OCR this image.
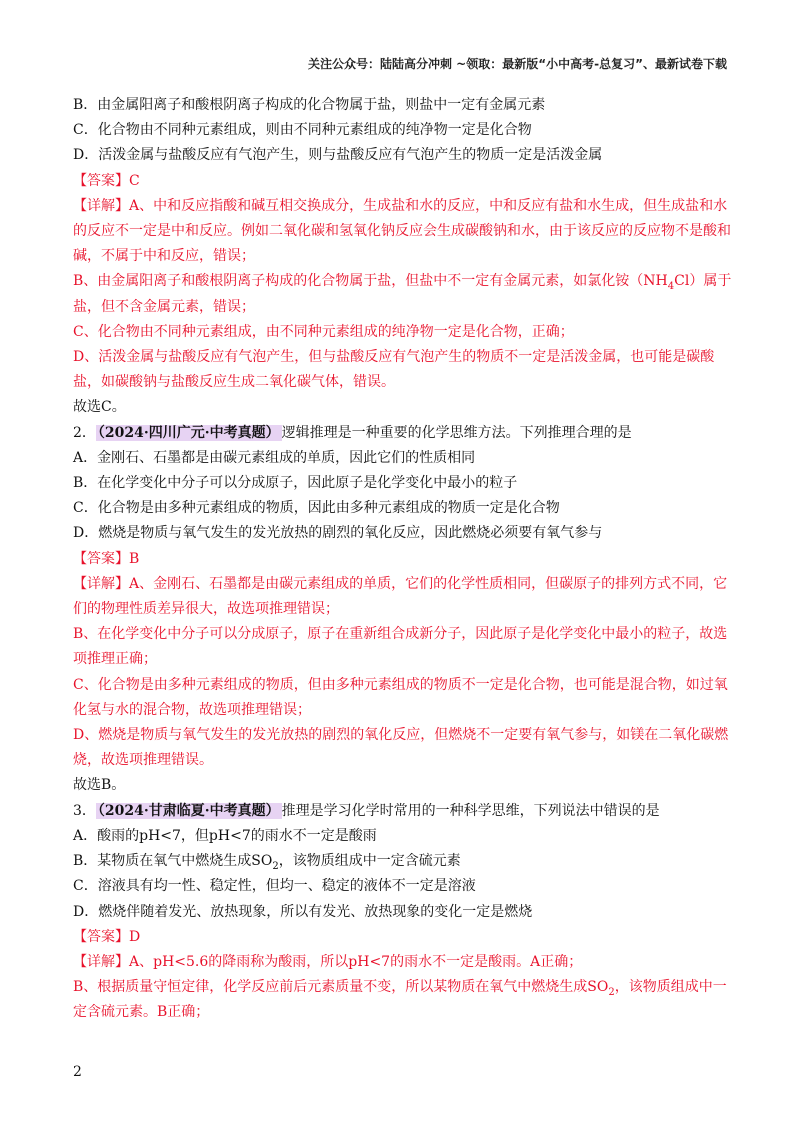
关注公众号：陆陆高分冲刺 ~领取：最新版“小中高考-总复习”、最新试卷下载

B．由金属阳离子和酸根阴离子构成的化合物属于盐，则盐中一定有金属元素

C．化合物由不同种元素组成，则由不同种元素组成的纯净物一定是化合物

D．活泼金属与盐酸反应有气泡产生，则与盐酸反应有气泡产生的物质一定是活泼金属

【答案】C

【详解】A、中和反应指酸和碱互相交换成分，生成盐和水的反应，中和反应有盐和水生成，但生成盐和水的反应不一定是中和反应。例如二氧化碳和氢氧化钠反应会生成碳酸钠和水，由于该反应的反应物不是酸和碱，不属于中和反应，错误；

B、由金属阳离子和酸根阴离子构成的化合物属于盐，但盐中不一定有金属元素，如氯化铵$(NH_4Cl)$属于盐，但不含金属元素，错误；

C、化合物由不同种元素组成，由不同种元素组成的纯净物一定是化合物，正确；

D、活泼金属与盐酸反应有气泡产生，但与盐酸反应有气泡产生的物质不一定是活泼金属，也可能是碳酸盐，如碳酸钠与盐酸反应生成二氧化碳气体，错误。

故选C。

2． （2024·四川广元·中考真题） 逻辑推理是一种重要的化学思维方法。下列推理合理的是

A．金刚石、石墨都是由碳元素组成的单质，因此它们的性质相同

B．在化学变化中分子可以分成原子，因此原子是化学变化中最小的粒子

C．化合物是由多种元素组成的物质，因此由多种元素组成的物质一定是化合物

D．燃烧是物质与氧气发生的发光放热的剧烈的氧化反应，因此燃烧必须要有氧气参与

【答案】B

【详解】A、金刚石、石墨都是由碳元素组成的单质，它们的化学性质相同，但碳原子的排列方式不同，它们的物理性质差异很大，故选项推理错误；

B、在化学变化中分子可以分成原子，原子在重新组合成新分子，因此原子是化学变化中最小的粒子，故选项推理正确；

C、化合物是由多种元素组成的物质，但由多种元素组成的物质不一定是化合物，也可能是混合物，如过氧化氢与水的混合物，故选项推理错误；

D、燃烧是物质与氧气发生的发光放热的剧烈的氧化反应，但燃烧不一定要有氧气参与，如镁在二氧化碳燃烧，故选项推理错误。

故选B。

3． （2024·甘肃临夏·中考真题） 推理是学习化学时常用的一种科学思维，下列说法中错误的是

A．酸雨的pH<7，但pH<7的雨水不一定是酸雨

B．某物质在氧气中燃烧生成$SO_2$，该物质组成中一定含硫元素

C．溶液具有均一性、稳定性，但均一、稳定的液体不一定是溶液

D．燃烧伴随着发光、放热现象，所以有发光、放热现象的变化一定是燃烧

【答案】D

【详解】A、pH<5.6的降雨称为酸雨，所以pH<7的雨水不一定是酸雨。A正确；

B、根据质量守恒定律，化学反应前后元素质量不变，所以某物质在氧气中燃烧生成$SO_2$，该物质组成中一定含硫元素。B正确；

2
